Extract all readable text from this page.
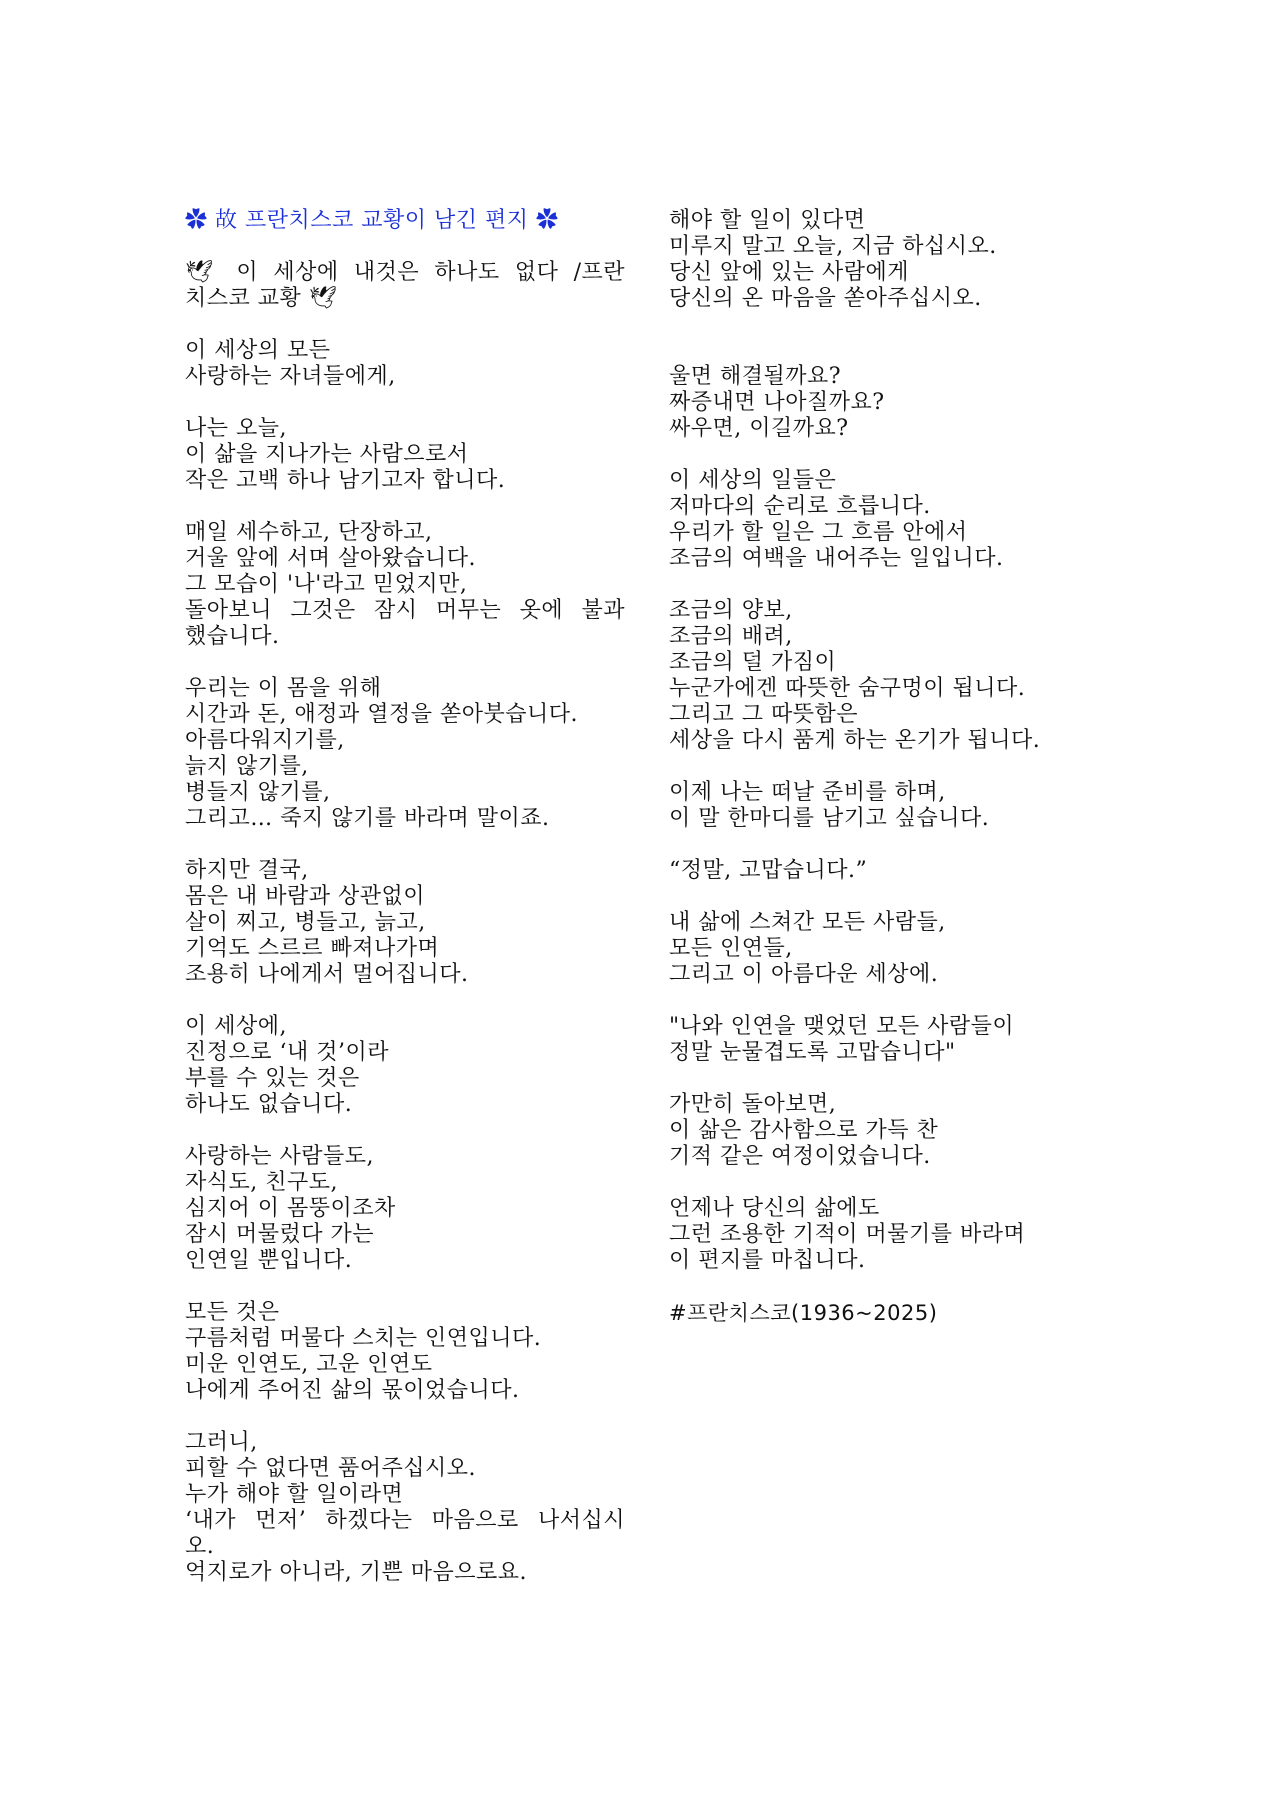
✿ 故 프란치스코 교황이 남긴 편지 ✿
🕊 이 세상에 내것은 하나도 없다 /프란
치스코 교황 🕊
이 세상의 모든
사랑하는 자녀들에게,
나는 오늘,
이 삶을 지나가는 사람으로서
작은 고백 하나 남기고자 합니다.
매일 세수하고, 단장하고,
거울 앞에 서며 살아왔습니다.
그 모습이 '나'라고 믿었지만,
돌아보니 그것은 잠시 머무는 옷에 불과
했습니다.
우리는 이 몸을 위해
시간과 돈, 애정과 열정을 쏟아붓습니다.
아름다워지기를,
늙지 않기를,
병들지 않기를,
그리고… 죽지 않기를 바라며 말이죠.
하지만 결국,
몸은 내 바람과 상관없이
살이 찌고, 병들고, 늙고,
기억도 스르르 빠져나가며
조용히 나에게서 멀어집니다.
이 세상에,
진정으로 ‘내 것’이라
부를 수 있는 것은
하나도 없습니다.
사랑하는 사람들도,
자식도, 친구도,
심지어 이 몸뚱이조차
잠시 머물렀다 가는
인연일 뿐입니다.
모든 것은
구름처럼 머물다 스치는 인연입니다.
미운 인연도, 고운 인연도
나에게 주어진 삶의 몫이었습니다.
그러니,
피할 수 없다면 품어주십시오.
누가 해야 할 일이라면
‘내가 먼저’ 하겠다는 마음으로 나서십시
오.
억지로가 아니라, 기쁜 마음으로요.
해야 할 일이 있다면
미루지 말고 오늘, 지금 하십시오.
당신 앞에 있는 사람에게
당신의 온 마음을 쏟아주십시오.
울면 해결될까요?
짜증내면 나아질까요?
싸우면, 이길까요?
이 세상의 일들은
저마다의 순리로 흐릅니다.
우리가 할 일은 그 흐름 안에서
조금의 여백을 내어주는 일입니다.
조금의 양보,
조금의 배려,
조금의 덜 가짐이
누군가에겐 따뜻한 숨구멍이 됩니다.
그리고 그 따뜻함은
세상을 다시 품게 하는 온기가 됩니다.
이제 나는 떠날 준비를 하며,
이 말 한마디를 남기고 싶습니다.
“정말, 고맙습니다.”
내 삶에 스쳐간 모든 사람들,
모든 인연들,
그리고 이 아름다운 세상에.
"나와 인연을 맺었던 모든 사람들이
정말 눈물겹도록 고맙습니다"
가만히 돌아보면,
이 삶은 감사함으로 가득 찬
기적 같은 여정이었습니다.
언제나 당신의 삶에도
그런 조용한 기적이 머물기를 바라며
이 편지를 마칩니다.
#프란치스코(1936~2025)
